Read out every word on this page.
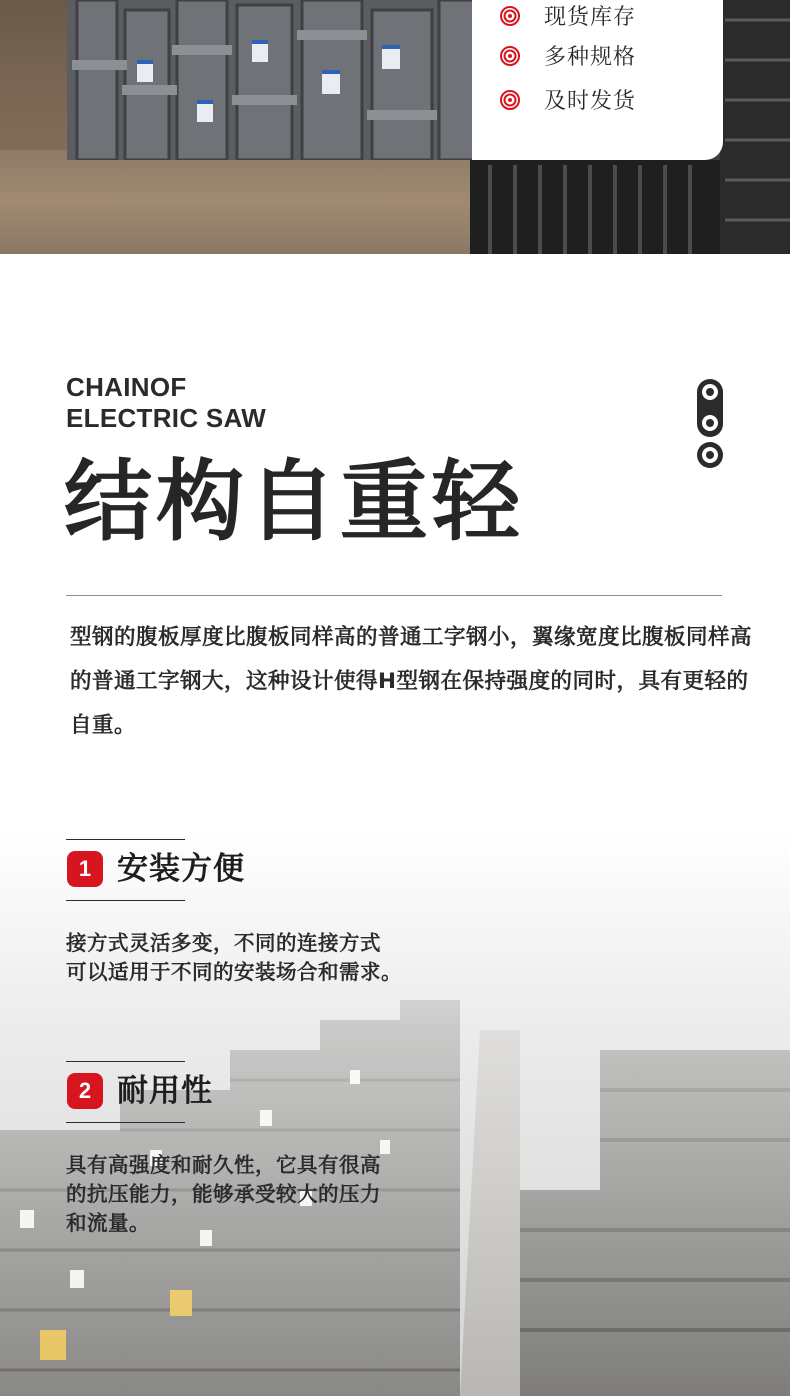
现货库存
多种规格
及时发货
CHAINOF
ELECTRIC SAW
结构自重轻

型钢的腹板厚度比腹板同样高的普通工字钢小，翼缘宽度比腹板同样高的普通工字钢大，这种设计使得H型钢在保持强度的同时，具有更轻的自重。

1 安装方便
接方式灵活多变，不同的连接方式
可以适用于不同的安装场合和需求。
2 耐用性
具有高强度和耐久性，它具有很高
的抗压能力，能够承受较大的压力
和流量。
